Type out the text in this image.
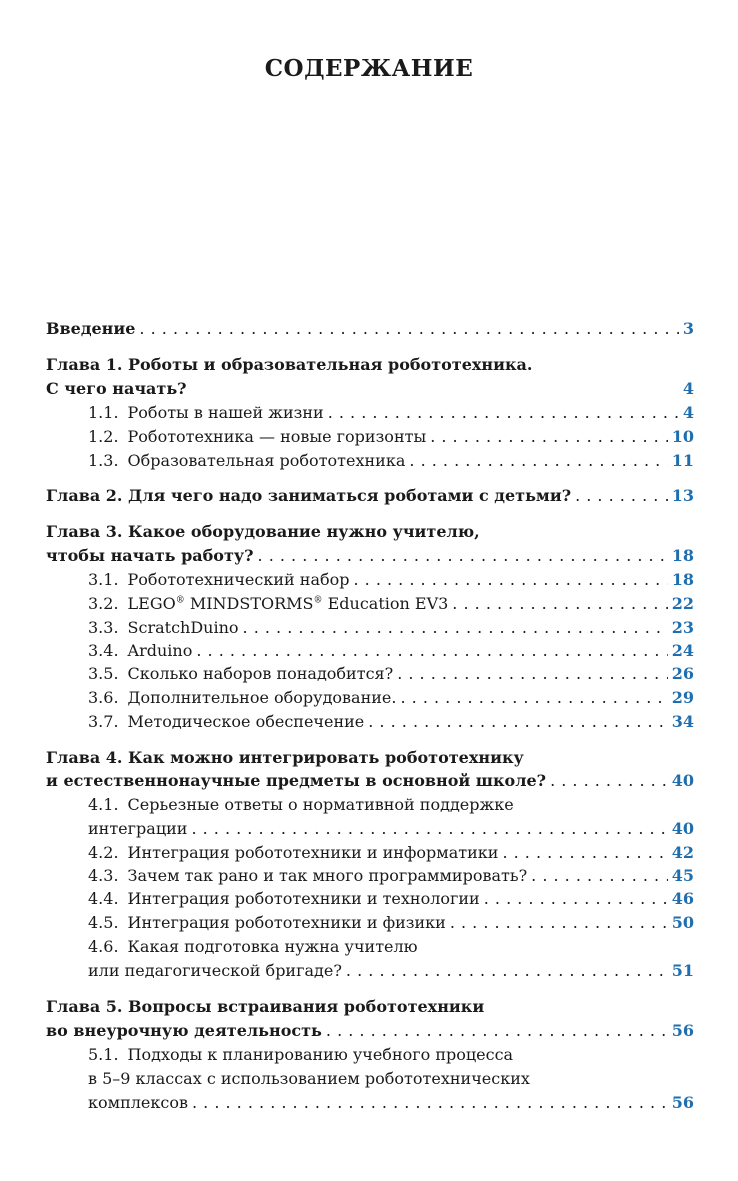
СОДЕРЖАНИЕ
Введение . . .	3
Глава 1. Роботы и образовательная робототехника.
С чего начать?	4
1.1. Роботы в нашей жизни . . .	4
1.2. Робототехника — новые горизонты . . .	10
1.3. Образовательная робототехника . . .	11
Глава 2. Для чего надо заниматься роботами с детьми? . . .	13
Глава 3. Какое оборудование нужно учителю,
чтобы начать работу? . . .	18
3.1. Робототехнический набор . . .	18
3.2. LEGO® MINDSTORMS® Education EV3 . . .	22
3.3. ScratchDuino . . .	23
3.4. Arduino . . .	24
3.5. Сколько наборов понадобится? . . .	26
3.6. Дополнительное оборудование. . . .	29
3.7. Методическое обеспечение . . .	34
Глава 4. Как можно интегрировать робототехнику
и естественнонаучные предметы в основной школе? . . .	40
4.1. Серьезные ответы о нормативной поддержке
интеграции . . .	40
4.2. Интеграция робототехники и информатики . . .	42
4.3. Зачем так рано и так много программировать? . . .	45
4.4. Интеграция робототехники и технологии . . .	46
4.5. Интеграция робототехники и физики . . .	50
4.6. Какая подготовка нужна учителю
или педагогической бригаде? . . .	51
Глава 5. Вопросы встраивания робототехники
во внеурочную деятельность . . .	56
5.1. Подходы к планированию учебного процесса
в 5–9 классах с использованием робототехнических
комплексов . . .	56
